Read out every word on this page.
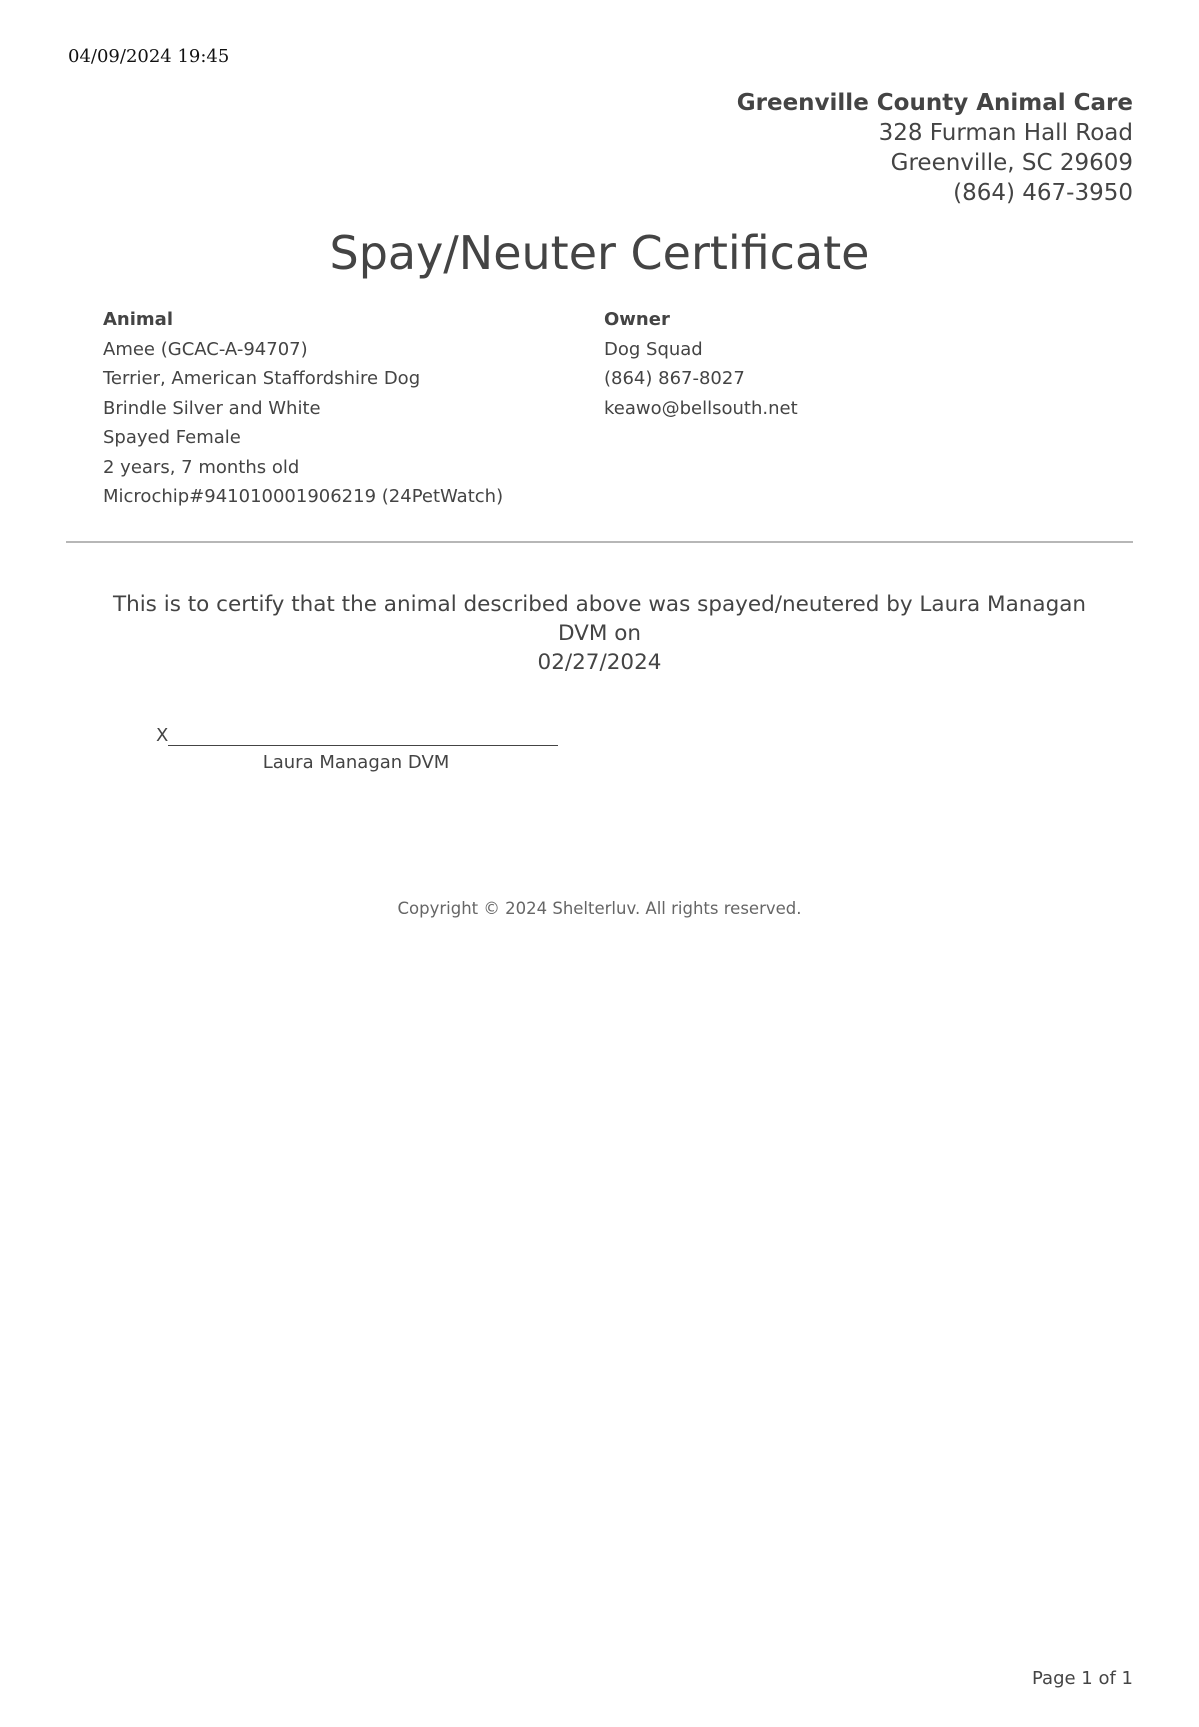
04/09/2024 19:45
Greenville County Animal Care
328 Furman Hall Road
Greenville, SC 29609
(864) 467-3950
Spay/Neuter Certificate
Animal
Amee (GCAC-A-94707)
Terrier, American Staffordshire Dog
Brindle Silver and White
Spayed Female
2 years, 7 months old
Microchip#941010001906219 (24PetWatch)
Owner
Dog Squad
(864) 867-8027
keawo@bellsouth.net
This is to certify that the animal described above was spayed/neutered by Laura Managan DVM on
02/27/2024
X
Laura Managan DVM
Copyright © 2024 Shelterluv. All rights reserved.
Page 1 of 1
